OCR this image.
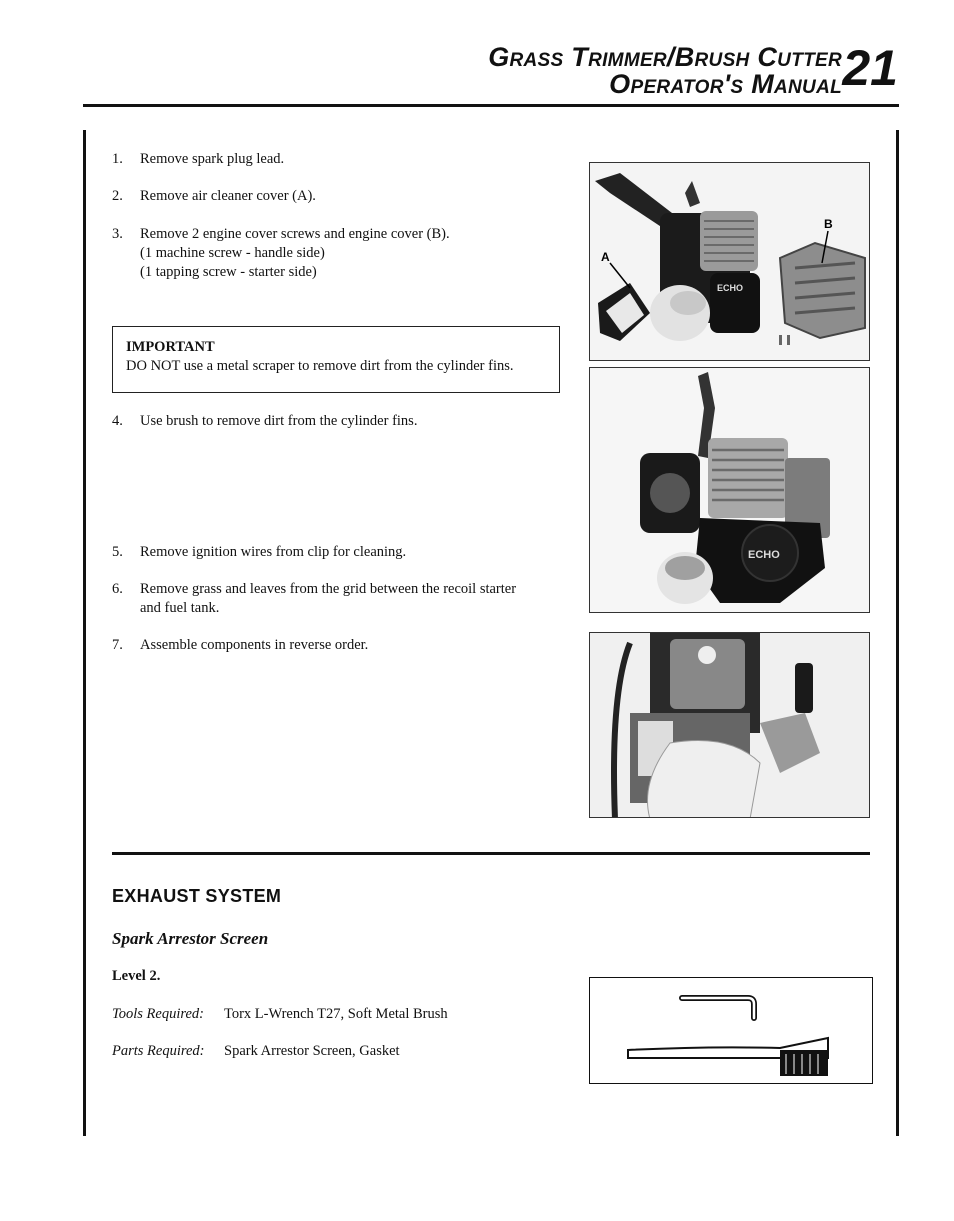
Grass Trimmer/Brush Cutter
Operator's Manual 21
1. Remove spark plug lead.
2. Remove air cleaner cover (A).
3. Remove 2 engine cover screws and engine cover (B).
(1 machine screw - handle side)
(1 tapping screw - starter side)
IMPORTANT
DO NOT use a metal scraper to remove dirt from the cylinder fins.
4. Use brush to remove dirt from the cylinder fins.
5. Remove ignition wires from clip for cleaning.
6. Remove grass and leaves from the grid between the recoil starter
and fuel tank.
7. Assemble components in reverse order.
ECHO
A
B
ECHO
EXHAUST SYSTEM
Spark Arrestor Screen
Level 2.
Tools Required: Torx L-Wrench T27, Soft Metal Brush
Parts Required: Spark Arrestor Screen, Gasket
